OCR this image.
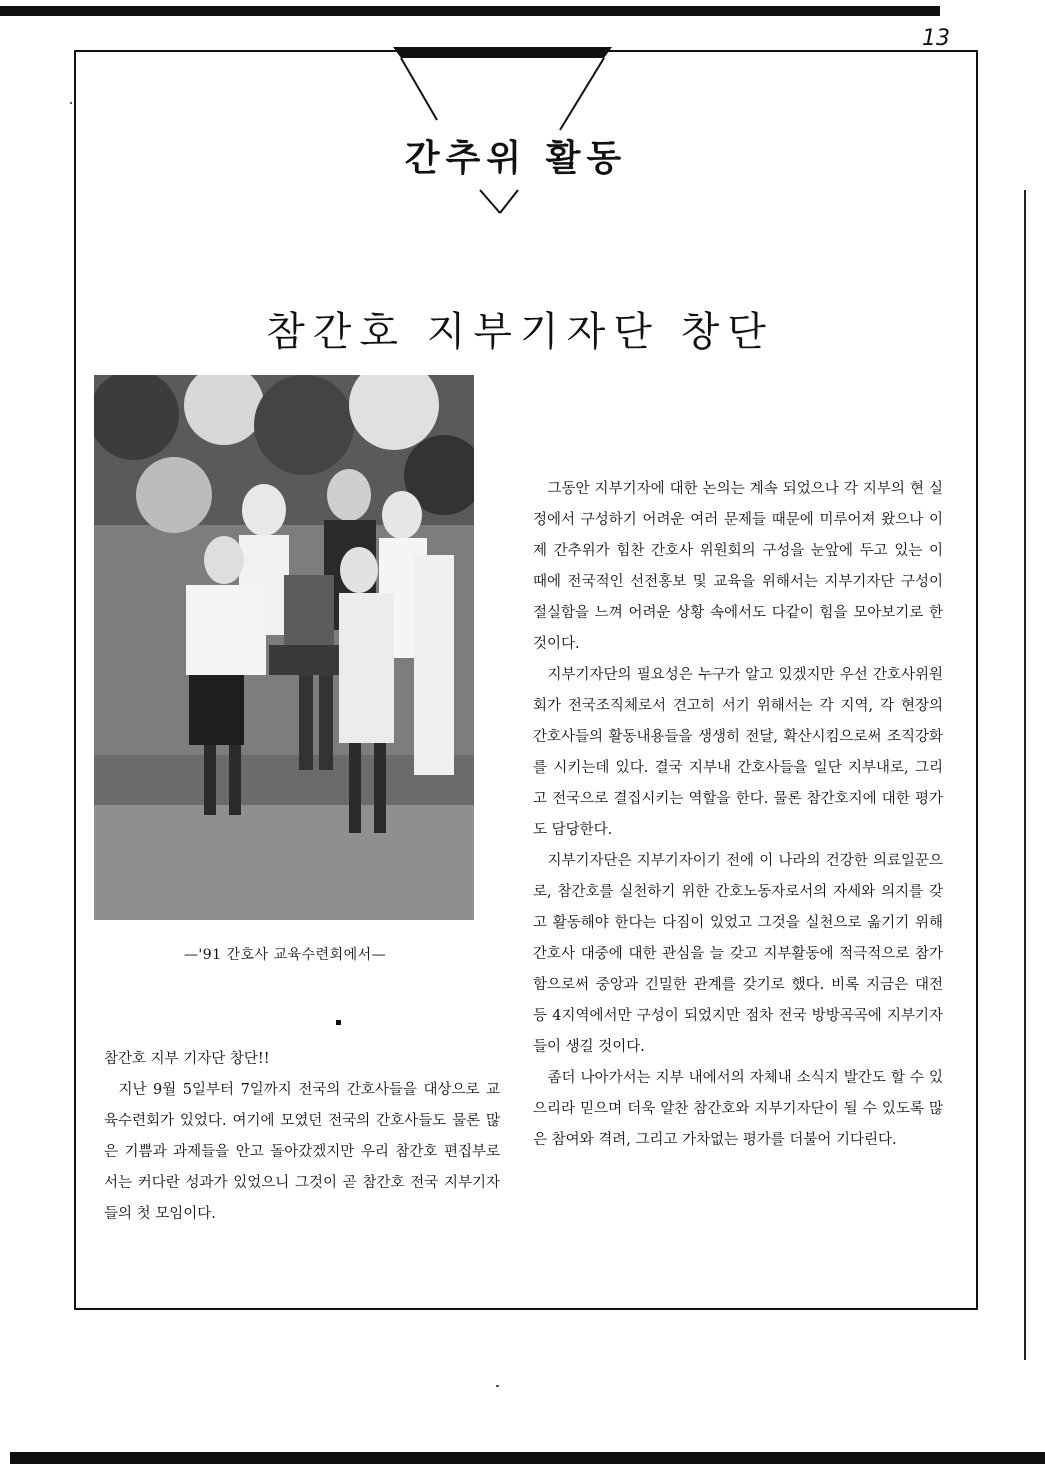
13
간추위 활동
참간호 지부기자단 창단
—'91 간호사 교육수련회에서—

참간호 지부 기자단 창단!!

지난 9월 5일부터 7일까지 전국의 간호사들을 대상으로 교육수련회가 있었다. 여기에 모였던 전국의 간호사들도 물론 많은 기쁨과 과제들을 안고 돌아갔겠지만 우리 참간호 편집부로서는 커다란 성과가 있었으니 그것이 곧 참간호 전국 지부기자들의 첫 모임이다.

그동안 지부기자에 대한 논의는 계속 되었으나 각 지부의 현 실정에서 구성하기 어려운 여러 문제들 때문에 미루어져 왔으나 이제 간추위가 힘찬 간호사 위원회의 구성을 눈앞에 두고 있는 이 때에 전국적인 선전홍보 및 교육을 위해서는 지부기자단 구성이 절실함을 느껴 어려운 상황 속에서도 다같이 힘을 모아보기로 한 것이다.

지부기자단의 필요성은 누구가 알고 있겠지만 우선 간호사위원회가 전국조직체로서 견고히 서기 위해서는 각 지역, 각 현장의 간호사들의 활동내용들을 생생히 전달, 확산시킴으로써 조직강화를 시키는데 있다. 결국 지부내 간호사들을 일단 지부내로, 그리고 전국으로 결집시키는 역할을 한다. 물론 참간호지에 대한 평가도 담당한다.

지부기자단은 지부기자이기 전에 이 나라의 건강한 의료일꾼으로, 참간호를 실천하기 위한 간호노동자로서의 자세와 의지를 갖고 활동해야 한다는 다짐이 있었고 그것을 실천으로 옮기기 위해 간호사 대중에 대한 관심을 늘 갖고 지부활동에 적극적으로 참가함으로써 중앙과 긴밀한 관계를 갖기로 했다. 비록 지금은 대전 등 4지역에서만 구성이 되었지만 점차 전국 방방곡곡에 지부기자들이 생길 것이다.

좀더 나아가서는 지부 내에서의 자체내 소식지 발간도 할 수 있으리라 믿으며 더욱 알찬 참간호와 지부기자단이 될 수 있도록 많은 참여와 격려, 그리고 가차없는 평가를 더불어 기다린다.
